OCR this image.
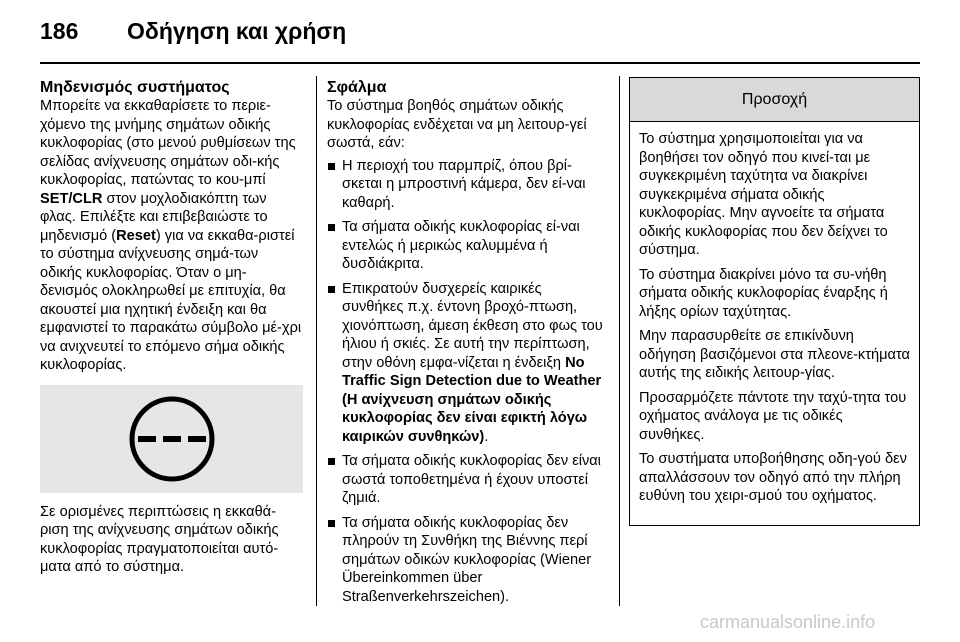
186 Οδήγηση και χρήση
Μηδενισμός συστήματος

Μπορείτε να εκκαθαρίσετε το περιε-χόμενο της μνήμης σημάτων οδικής κυκλοφορίας (στο μενού ρυθμίσεων της σελίδας ανίχνευσης σημάτων οδι-κής κυκλοφορίας, πατώντας το κου-μπί SET/CLR στον μοχλοδιακόπτη των φλας. Επιλέξτε και επιβεβαιώστε το μηδενισμό (Reset) για να εκκαθα-ριστεί το σύστημα ανίχνευσης σημά-των οδικής κυκλοφορίας. Όταν ο μη-δενισμός ολοκληρωθεί με επιτυχία, θα ακουστεί μια ηχητική ένδειξη και θα εμφανιστεί το παρακάτω σύμβολο μέ-χρι να ανιχνευτεί το επόμενο σήμα οδικής κυκλοφορίας.

Σε ορισμένες περιπτώσεις η εκκαθά-ριση της ανίχνευσης σημάτων οδικής κυκλοφορίας πραγματοποιείται αυτό-ματα από το σύστημα.

Σφάλμα

Το σύστημα βοηθός σημάτων οδικής κυκλοφορίας ενδέχεται να μη λειτουρ-γεί σωστά, εάν:

Η περιοχή του παρμπρίζ, όπου βρί-σκεται η μπροστινή κάμερα, δεν εί-ναι καθαρή.
Τα σήματα οδικής κυκλοφορίας εί-ναι εντελώς ή μερικώς καλυμμένα ή δυσδιάκριτα.
Επικρατούν δυσχερείς καιρικές συνθήκες π.χ. έντονη βροχό-πτωση, χιονόπτωση, άμεση έκθεση στο φως του ήλιου ή σκιές. Σε αυτή την περίπτωση, στην οθόνη εμφα-νίζεται η ένδειξη No Traffic Sign Detection due to Weather (Η ανίχνευση σημάτων οδικής κυκλοφορίας δεν είναι εφικτή λόγω καιρικών συνθηκών).
Τα σήματα οδικής κυκλοφορίας δεν είναι σωστά τοποθετημένα ή έχουν υποστεί ζημιά.
Τα σήματα οδικής κυκλοφορίας δεν πληρούν τη Συνθήκη της Βιέννης περί σημάτων οδικών κυκλοφορίας (Wiener Übereinkommen über Straßenverkehrszeichen).
Προσοχή

Το σύστημα χρησιμοποιείται για να βοηθήσει τον οδηγό που κινεί-ται με συγκεκριμένη ταχύτητα να διακρίνει συγκεκριμένα σήματα οδικής κυκλοφορίας. Μην αγνοείτε τα σήματα οδικής κυκλοφορίας που δεν δείχνει το σύστημα.

Το σύστημα διακρίνει μόνο τα συ-νήθη σήματα οδικής κυκλοφορίας έναρξης ή λήξης ορίων ταχύτητας.

Μην παρασυρθείτε σε επικίνδυνη οδήγηση βασιζόμενοι στα πλεονε-κτήματα αυτής της ειδικής λειτουρ-γίας.

Προσαρμόζετε πάντοτε την ταχύ-τητα του οχήματος ανάλογα με τις οδικές συνθήκες.

Το συστήματα υποβοήθησης οδη-γού δεν απαλλάσσουν τον οδηγό από την πλήρη ευθύνη του χειρι-σμού του οχήματος.

carmanualsonline.info
